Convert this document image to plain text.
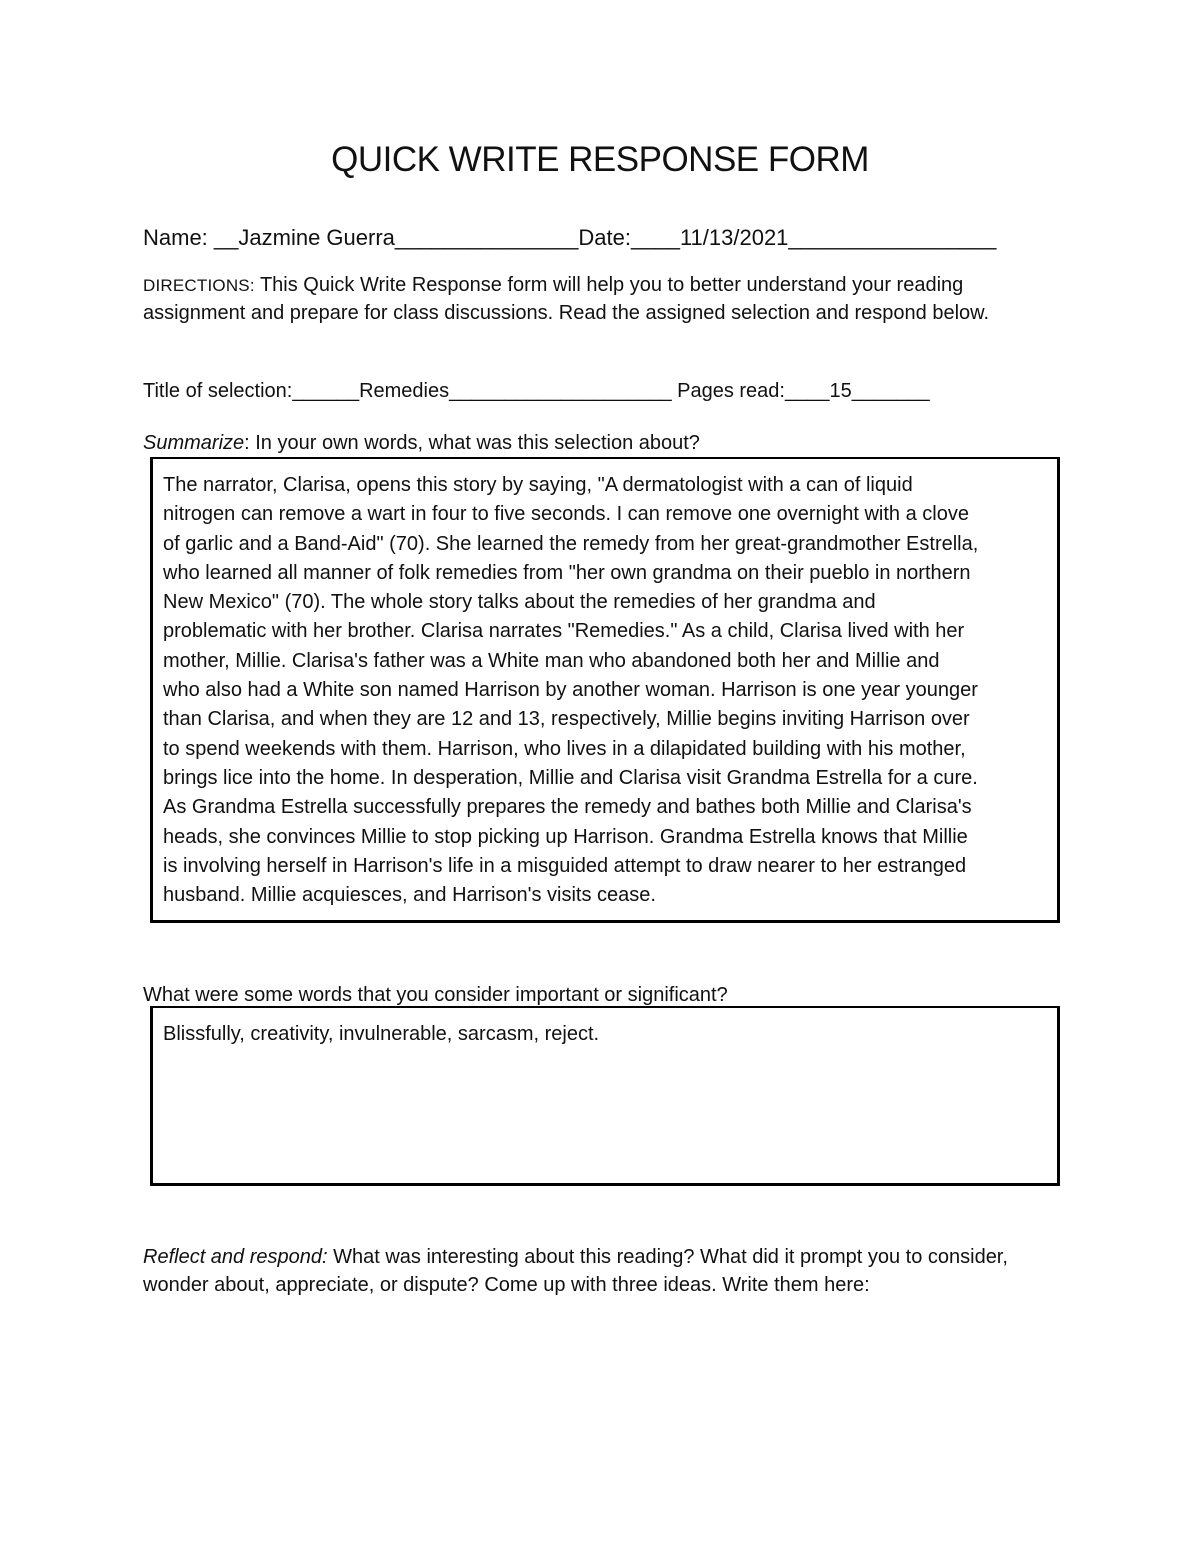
QUICK WRITE RESPONSE FORM
Name: __Jazmine Guerra_______________Date:____11/13/2021_________________
DIRECTIONS: This Quick Write Response form will help you to better understand your reading assignment and prepare for class discussions. Read the assigned selection and respond below.
Title of selection:______Remedies____________________ Pages read:____15_______
Summarize: In your own words, what was this selection about?
The narrator, Clarisa, opens this story by saying, "A dermatologist with a can of liquid
nitrogen can remove a wart in four to five seconds. I can remove one overnight with a clove
of garlic and a Band-Aid" (70). She learned the remedy from her great-grandmother Estrella,
who learned all manner of folk remedies from "her own grandma on their pueblo in northern
New Mexico" (70). The whole story talks about the remedies of her grandma and
problematic with her brother. Clarisa narrates "Remedies." As a child, Clarisa lived with her
mother, Millie. Clarisa's father was a White man who abandoned both her and Millie and
who also had a White son named Harrison by another woman. Harrison is one year younger
than Clarisa, and when they are 12 and 13, respectively, Millie begins inviting Harrison over
to spend weekends with them. Harrison, who lives in a dilapidated building with his mother,
brings lice into the home. In desperation, Millie and Clarisa visit Grandma Estrella for a cure.
As Grandma Estrella successfully prepares the remedy and bathes both Millie and Clarisa's
heads, she convinces Millie to stop picking up Harrison. Grandma Estrella knows that Millie
is involving herself in Harrison's life in a misguided attempt to draw nearer to her estranged
husband. Millie acquiesces, and Harrison's visits cease.
What were some words that you consider important or significant?
Blissfully, creativity, invulnerable, sarcasm, reject.
Reflect and respond: What was interesting about this reading? What did it prompt you to consider, wonder about, appreciate, or dispute? Come up with three ideas. Write them here:
